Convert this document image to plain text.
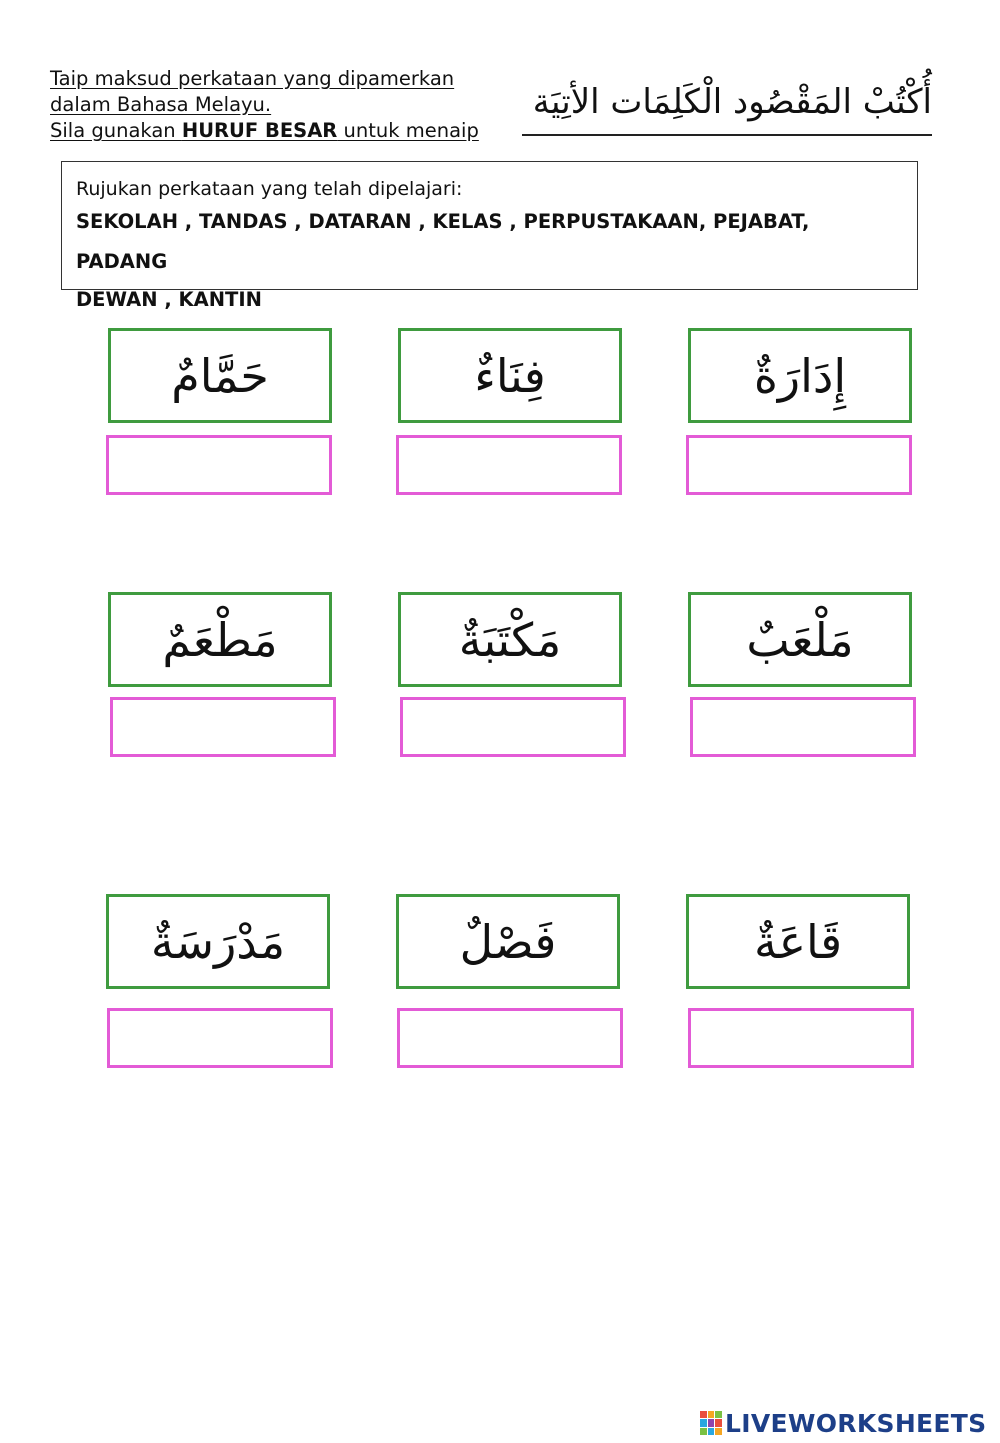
Taip maksud perkataan yang dipamerkan
dalam Bahasa Melayu.
Sila gunakan HURUF BESAR untuk menaip
أُكْتُبْ المَقْصُود الْكَلِمَات الأتِيَة
Rujukan perkataan yang telah dipelajari:
SEKOLAH , TANDAS , DATARAN , KELAS , PERPUSTAKAAN, PEJABAT, PADANG
DEWAN , KANTIN
حَمَّامٌ	فِنَاءٌ	إِدَارَةٌ
مَطْعَمٌ	مَكْتَبَةٌ	مَلْعَبٌ
مَدْرَسَةٌ	فَصْلٌ	قَاعَةٌ
LIVEWORKSHEETS
